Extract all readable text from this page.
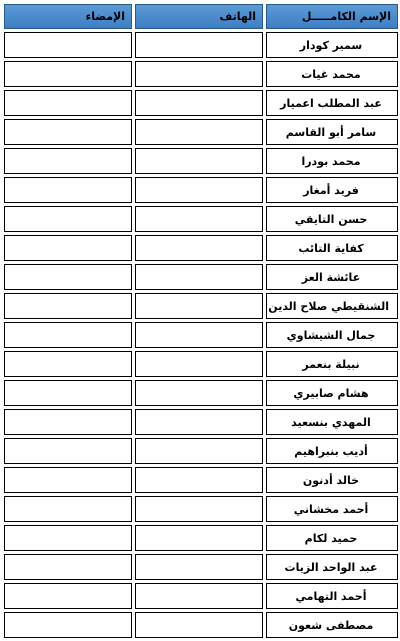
الإسم الكامـــــل	الهاتف	الإمضاء
سمير كودار		
محمد غيات		
عبد المطلب اعميار		
سامر أبو القاسم		
محمد بودرا		
فريد أمغار		
حسن التايقي		
كفاية التائب		
عائشة العز		
الشنقيطي صلاح الدين		
جمال الشيشاوي		
نبيلة بنعمر		
هشام صابيري		
المهدي بنسعيد		
أديب بنبراهيم		
خالد أدنون		
أحمد مخشاني		
حميد لكام		
عبد الواحد الزيات		
أحمد التهامي		
مصطفى شعون		
